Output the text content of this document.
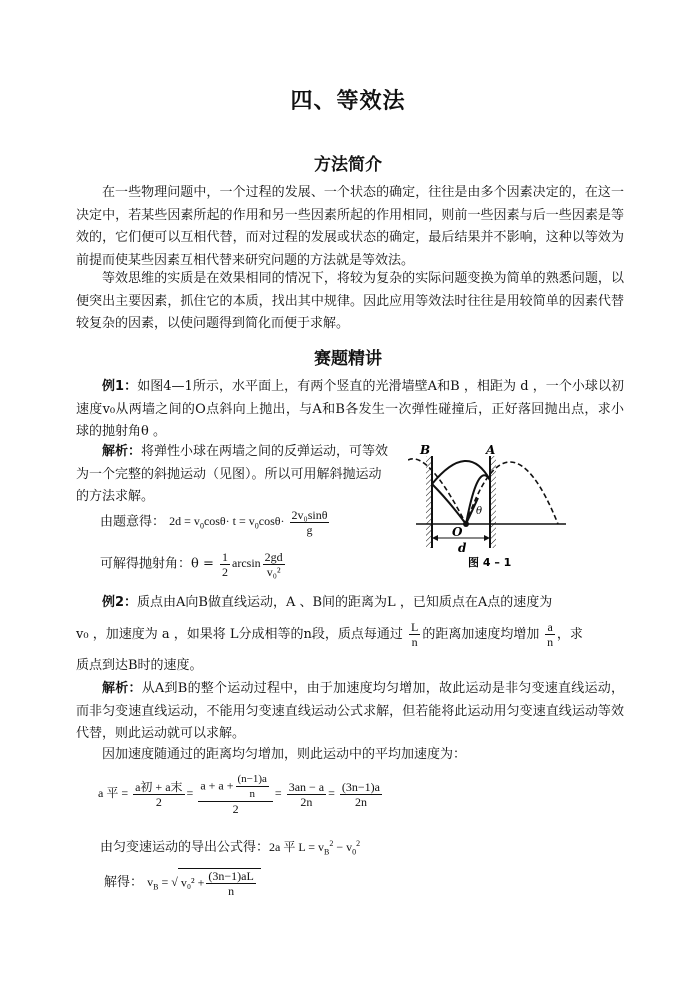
四、等效法
方法简介
在一些物理问题中，一个过程的发展、一个状态的确定，往往是由多个因素决定的，在这一决定中，若某些因素所起的作用和另一些因素所起的作用相同，则前一些因素与后一些因素是等效的，它们便可以互相代替，而对过程的发展或状态的确定，最后结果并不影响，这种以等效为前提而使某些因素互相代替来研究问题的方法就是等效法。
等效思维的实质是在效果相同的情况下，将较为复杂的实际问题变换为简单的熟悉问题，以便突出主要因素，抓住它的本质，找出其中规律。因此应用等效法时往往是用较简单的因素代替较复杂的因素，以使问题得到简化而便于求解。
赛题精讲
例1：如图4—1所示，水平面上，有两个竖直的光滑墙壁A和B ，相距为 d ，一个小球以初速度v₀从两墙之间的O点斜向上抛出，与A和B各发生一次弹性碰撞后，正好落回抛出点，求小球的抛射角θ 。
解析：将弹性小球在两墙之间的反弹运动，可等效为一个完整的斜抛运动（见图）。所以可用解斜抛运动的方法求解。
由题意得： $2d = v_0\cos\theta\cdot t = v_0\cos\theta\cdot \frac{\text{2v₀sinθ}}{g}$
可解得抛射角：$\theta = \frac{1}{2}$ $\arcsin \frac{2gd}{\text{v₀²}}$
B	A
O
θ
d
图 4 – 1
例2：质点由A向B做直线运动，A 、B间的距离为L ，已知质点在A点的速度为
v₀ ，加速度为 a ，如果将 L分成相等的n段，质点每通过 $\frac{L}{n}$ 的距离加速度均增加 $\frac{a}{n}$ ，求
质点到达B时的速度。
解析：从A到B的整个运动过程中，由于加速度均匀增加，故此运动是非匀变速直线运动，而非匀变速直线运动，不能用匀变速直线运动公式求解，但若能将此运动用匀变速直线运动等效代替，则此运动就可以求解。
因加速度随通过的距离均匀增加，则此运动中的平均加速度为：
a 平 = $\frac{\text{a初 + a末}}{2} = \frac{a + a + \frac{(n-1)a}{n}}{2} = \frac{3an - a}{2n} = \frac{(3n-1)a}{2n}$
由匀变速运动的导出公式得：2a 平 $L = v_B^2 - v_0^2$
解得： $v_B$ = √ $v_0^2 + \frac{(3n-1)aL}{n}$
